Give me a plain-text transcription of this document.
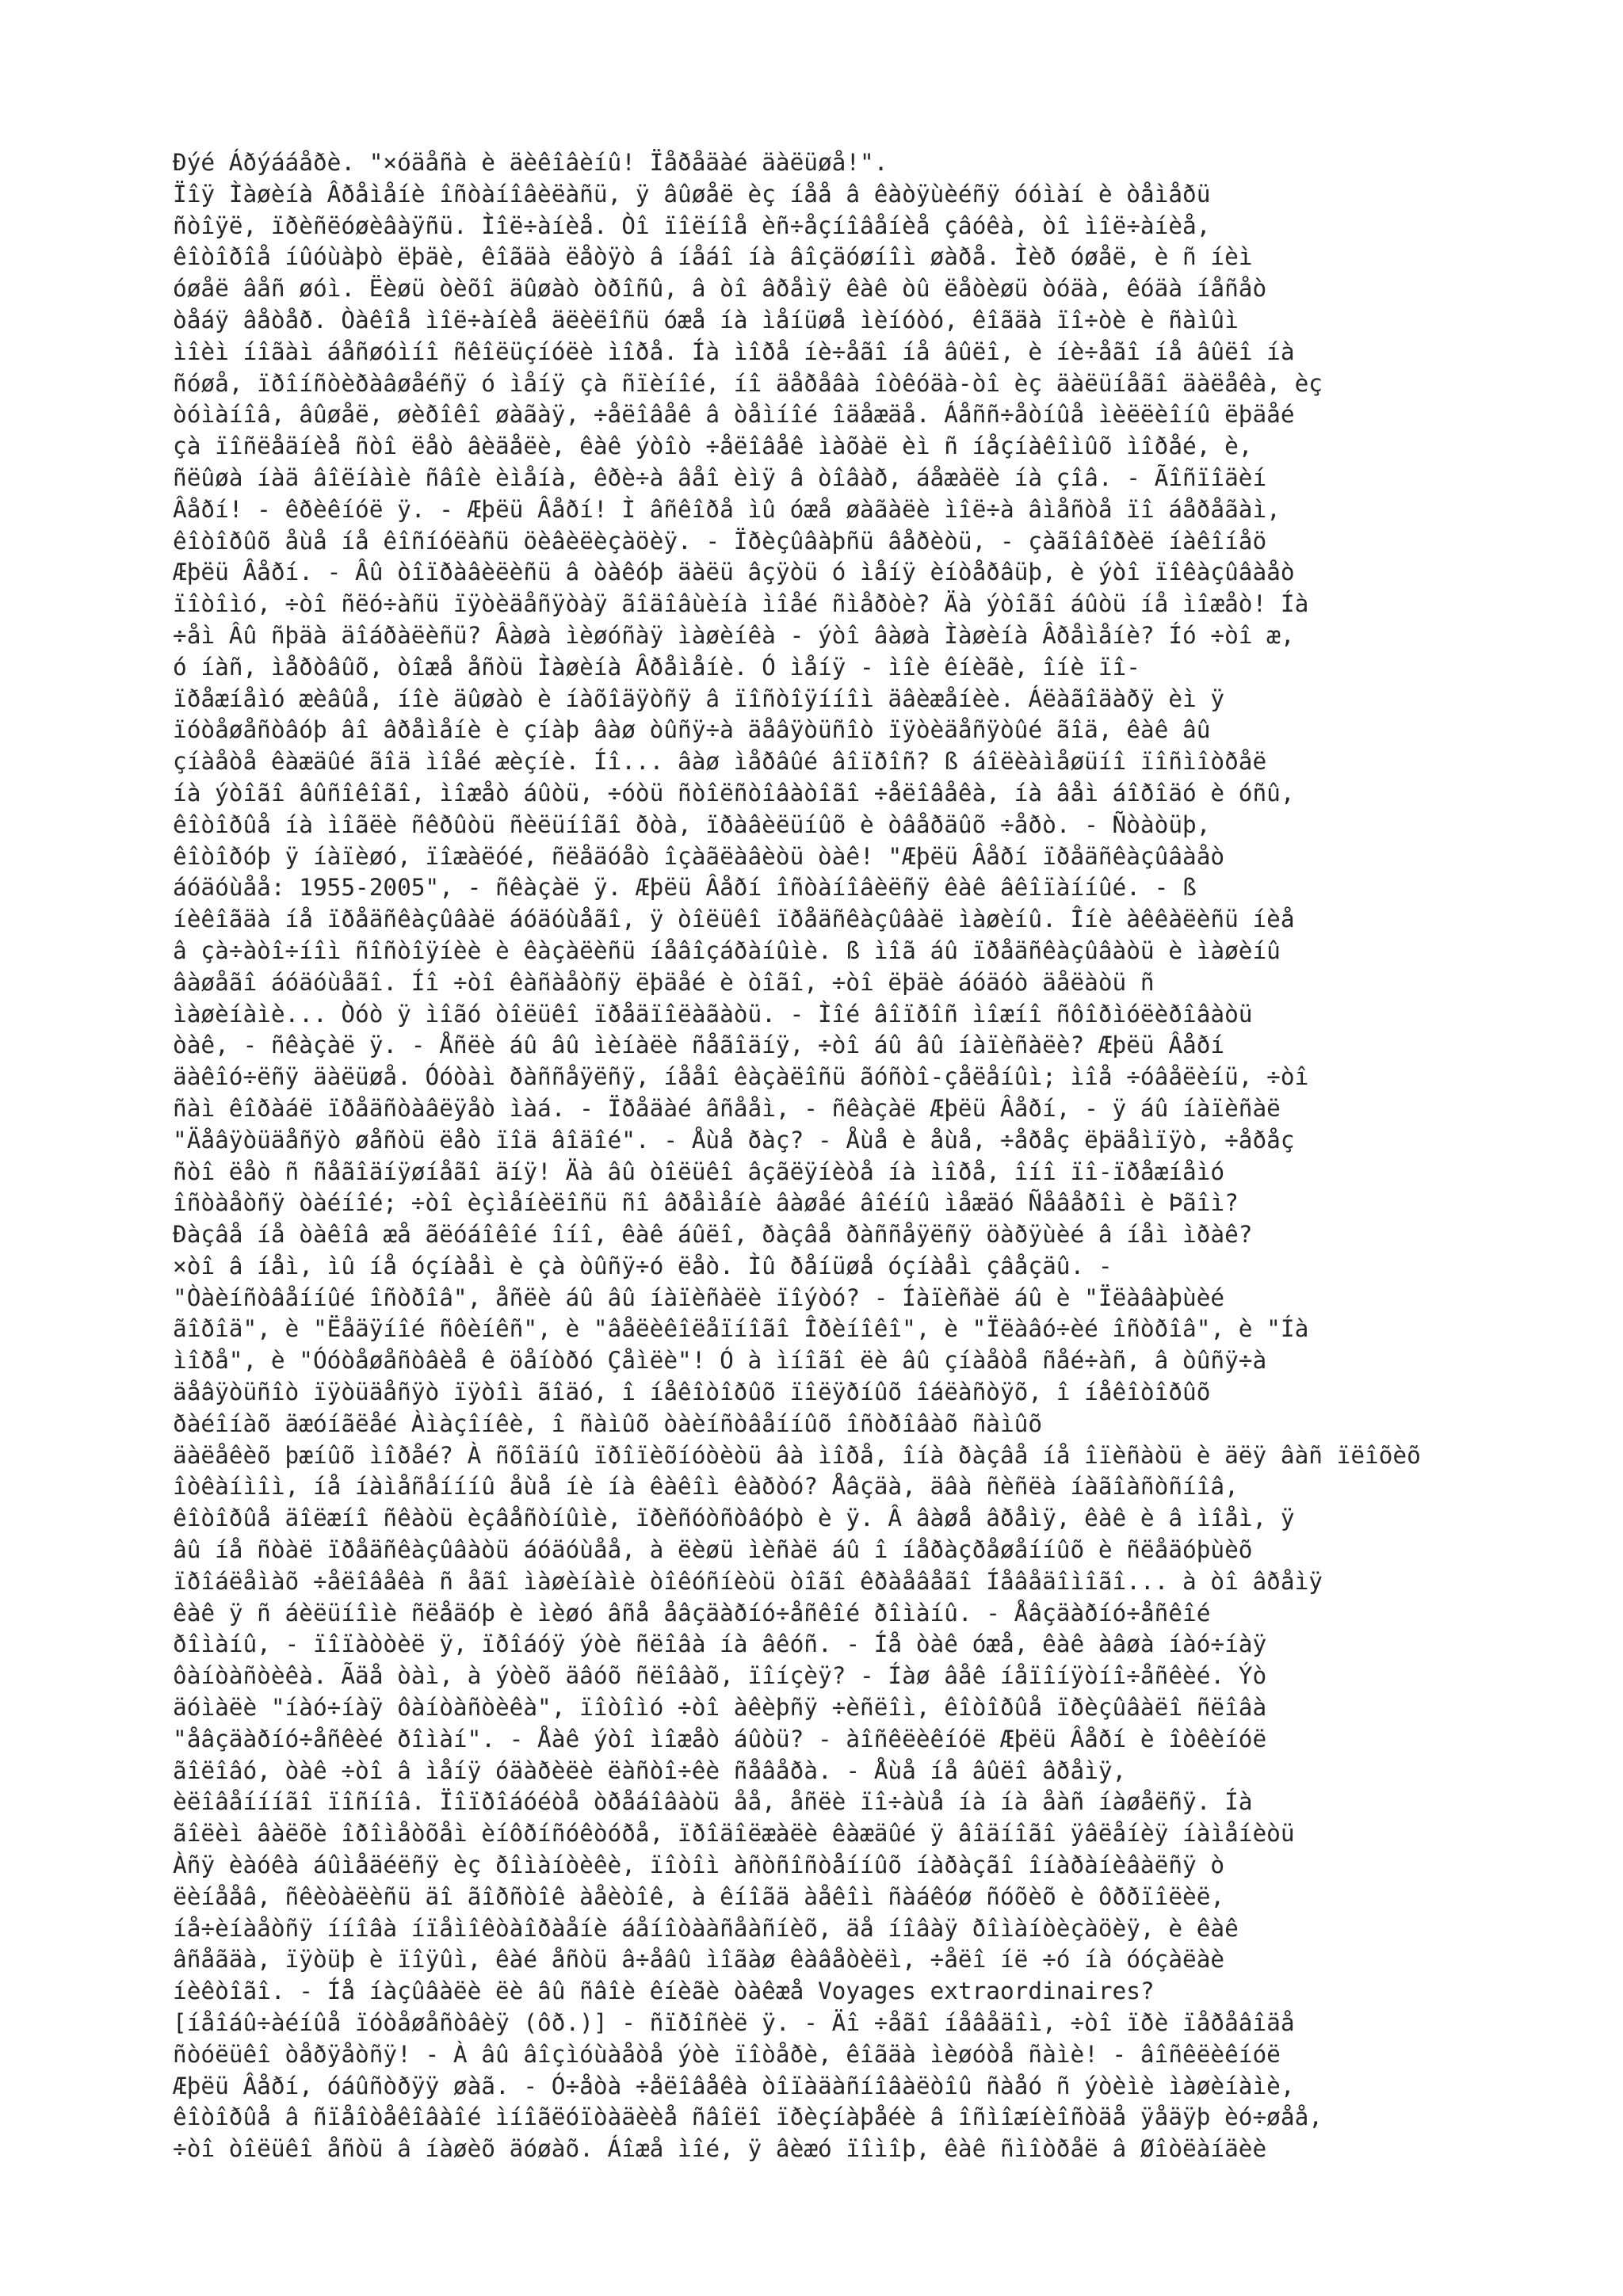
Ðýé Áðýááåðè. "×óäåñà è äèêîâèíû! Ïåðåäàé äàëüøå!".
Ïîÿ Ìàøèíà Âðåìåíè îñòàíîâèëàñü, ÿ âûøåë èç íåå â êàòÿùèéñÿ óóìàí è òåìåðü
ñòîÿë, ïðèñëóøèâàÿñü. Ìîë÷àíèå. Òî ïîëíîå èñ÷åçíîâåíèå çâóêà, òî ìîë÷àíèå,
êîòîðîå íûóùàþò ëþäè, êîãäà ëåòÿò â íåáî íà âîçäóøíîì øàðå. Ìèð óøåë, è ñ íèì
óøåë âåñ øóì. Ëèøü òèõî äûøàò òðîñû, â òî âðåìÿ êàê òû ëåòèøü òóäà, êóäà íåñåò
òåáÿ âåòåð. Òàêîå ìîë÷àíèå äëèëîñü óæå íà ìåíüøå ìèíóòó, êîãäà ïî÷òè è ñàìûì
ìîèì íîãàì áåñøóìíî ñêîëüçíóëè ìîðå. Íà ìîðå íè÷åãî íå âûëî, è íè÷åãî íå âûëî íà
ñóøå, ïðîíñòèðàâøåéñÿ ó ìåíÿ çà ñïèíîé, íî äåðåâà îòêóäà-òî èç äàëüíåãî äàëåêà, èç
òóìàíîâ, âûøåë, øèðîêî øàãàÿ, ÷åëîâåê â òåìíîé îäåæäå. Áåññ÷åòíûå ìèëëèîíû ëþäåé
çà ïîñëåäíèå ñòî ëåò âèäåëè, êàê ýòîò ÷åëîâåê ìàõàë èì ñ íåçíàêîìûõ ìîðåé, è,
ñëûøà íàä âîëíàìè ñâîè èìåíà, êðè÷à âåî èìÿ â òîâàð, áåæàëè íà çîâ. - Ãîñïîäèí
Âåðí! - êðèêíóë ÿ. - Æþëü Âåðí! Ì âñêîðå ìû óæå øàãàëè ìîë÷à âìåñòå ïî áåðåãàì,
êîòîðûõ åùå íå êîñíóëàñü öèâèëèçàöèÿ. - Ïðèçûâàþñü âåðèòü, - çàãîâîðèë íàêîíåö
Æþëü Âåðí. - Âû òîïðàâèëèñü â òàêóþ äàëü âçÿòü ó ìåíÿ èíòåðâüþ, è ýòî ïîêàçûâàåò
ïîòîìó, ÷òî ñëó÷àñü ïÿòèäåñÿòàÿ ãîäîâùèíà ìîåé ñìåðòè? Äà ýòîãî áûòü íå ìîæåò! Íà
÷åì Âû ñþäà äîáðàëèñü? Âàøà ìèøóñàÿ ìàøèíêà - ýòî âàøà Ìàøèíà Âðåìåíè? Íó ÷òî æ,
ó íàñ, ìåðòâûõ, òîæå åñòü Ìàøèíà Âðåìåíè. Ó ìåíÿ - ìîè êíèãè, îíè ïî-
ïðåæíåìó æèâûå, íîè äûøàò è íàõîäÿòñÿ â ïîñòîÿííîì äâèæåíèè. Áëàãîäàðÿ èì ÿ
ïóòåøåñòâóþ âî âðåìåíè è çíàþ âàø òûñÿ÷à äåâÿòüñîò ïÿòèäåñÿòûé ãîä, êàê âû
çíàåòå êàæäûé ãîä ìîåé æèçíè. Íî... âàø ìåðâûé âîïðîñ? ß áîëèàìåøüíî ïîñìîòðåë
íà ýòîãî âûñîêîãî, ìîæåò áûòü, ÷óòü ñòîëñòîâàòîãî ÷åëîâåêà, íà âåì áîðîäó è óñû,
êîòîðûå íà ìîãëè ñêðûòü ñèëüíîãî ðòà, ïðàâèëüíûõ è òâåðäûõ ÷åðò. - Ñòàòüþ,
êîòîðóþ ÿ íàïèøó, ïîæàëóé, ñëåäóåò îçàãëàâèòü òàê! "Æþëü Âåðí ïðåäñêàçûâàåò
áóäóùåå: 1955-2005", - ñêàçàë ÿ. Æþëü Âåðí îñòàíîâèëñÿ êàê âêîïàííûé. - ß
íèêîãäà íå ïðåäñêàçûâàë áóäóùåãî, ÿ òîëüêî ïðåäñêàçûâàë ìàøèíû. Îíè àêêàëèñü íèå
â çà÷àòî÷íîì ñîñòîÿíèè è êàçàëèñü íåâîçáðàíûìè. ß ìîã áû ïðåäñêàçûâàòü è ìàøèíû
âàøåãî áóäóùåãî. Íî ÷òî êàñàåòñÿ ëþäåé è òîãî, ÷òî ëþäè áóäóò äåëàòü ñ
ìàøèíàìè... Òóò ÿ ìîãó òîëüêî ïðåäïîëàãàòü. - Ìîé âîïðîñ ìîæíî ñôîðìóëèðîâàòü
òàê, - ñêàçàë ÿ. - Åñëè áû âû ìèíàëè ñåãîäíÿ, ÷òî áû âû íàïèñàëè? Æþëü Âåðí
äàêîó÷ëñÿ äàëüøå. Óóòàì ðàññåÿëñÿ, íååî êàçàëîñü ãóñòî-çåëåíûì; ìîå ÷óâåëèíü, ÷òî
ñàì êîðàáë ïðåäñòàâëÿåò ìàá. - Ïðåäàé âñååì, - ñêàçàë Æþëü Âåðí, - ÿ áû íàïèñàë
"Äåâÿòüäåñÿò øåñòü ëåò ïîä âîäîé". - Åùå ðàç? - Åùå è åùå, ÷åðåç ëþäåìïÿò, ÷åðåç
ñòî ëåò ñ ñåãîäíÿøíåãî äíÿ! Äà âû òîëüêî âçãëÿíèòå íà ìîðå, îíî ïî-ïðåæíåìó
îñòàåòñÿ òàéíîé; ÷òî èçìåíèëîñü ñî âðåìåíè âàøåé âîéíû ìåæäó Ñåâåðîì è Þãîì?
Ðàçâå íå òàêîâ æå ãëóáîêîé îíî, êàê áûëî, ðàçâå ðàññåÿëñÿ öàðÿùèé â íåì ìðàê?
×òî â íåì, ìû íå óçíàåì è çà òûñÿ÷ó ëåò. Ìû ðåíüøå óçíàåì çâåçäû. -
"Òàèíñòâåííûé îñòðîâ", åñëè áû âû íàïèñàëè ïîýòó? - Íàïèñàë áû è "Ïëàâàþùèé
ãîðîä", è "Ëåäÿíîé ñôèíêñ", è "âåëèêîëåïíîãî Îðèíîêî", è "Ïëàâó÷èé îñòðîâ", è "Íà
ìîðå", è "Óóòåøåñòâèå ê öåíòðó Çåìëè"! Ó à ìíîãî ëè âû çíàåòå ñåé÷àñ, â òûñÿ÷à
äåâÿòüñîò ïÿòüäåñÿò ïÿòîì ãîäó, î íåêîòîðûõ ïîëÿðíûõ îáëàñòÿõ, î íåêîòîðûõ
ðàéîíàõ äæóíãëåé Àìàçîíêè, î ñàìûõ òàèíñòâåííûõ îñòðîâàõ ñàìûõ
äàëåêèõ þæíûõ ìîðåé? À ñõîäíû ïðîïèõíóòèòü âà ìîðå, îíà ðàçâå íå îïèñàòü è äëÿ âàñ ïëîõèõ
îòêàíìîì, íå íàìåñåíííû åùå íè íà êàêîì êàðòó? Åâçäà, äâà ñèñëà íàãîàñòñíîâ,
êîòîðûå äîëæíî ñêàòü èçâåñòíûìè, ïðèñóòñòâóþò è ÿ. Â âàøå âðåìÿ, êàê è â ìîåì, ÿ
âû íå ñòàë ïðåäñêàçûâàòü áóäóùåå, à ëèøü ìèñàë áû î íåðàçðåøåííûõ è ñëåäóþùèõ
ïðîáëåìàõ ÷åëîâåêà ñ åãî ìàøèíàìè òîêóñíèòü òîãî êðàåâåãî Íåâåäîìîãî... à òî âðåìÿ
êàê ÿ ñ áèëüíîìè ñëåäóþ è ìèøó âñå åâçäàðíó÷åñêîé ðîìàíû. - Åâçäàðíó÷åñêîé
ðîìàíû, - ïîïàòòèë ÿ, ïðîáóÿ ýòè ñëîâà íà âêóñ. - Íå òàê óæå, êàê àâøà íàó÷íàÿ
ôàíòàñòèêà. Ãäå òàì, à ýòèõ äâóõ ñëîâàõ, ïîíçèÿ? - Íàø âåê íåïîíÿòíî÷åñêèé. Ýò
äóìàëè "íàó÷íàÿ ôàíòàñòèêà", ïîòîìó ÷òî àêèþñÿ ÷èñëîì, êîòîðûå ïðèçûâàëî ñëîâà
"åâçäàðíó÷åñêèé ðîìàí". - Åàê ýòî ìîæåò áûòü? - àîñêëèêíóë Æþëü Âåðí è îòêèíóë
ãîëîâó, òàê ÷òî â ìåíÿ óäàðèëè ëàñòî÷êè ñåâåðà. - Åùå íå âûëî âðåìÿ,
èëîâåíííãî ïîñíîâ. Ïîïðîáóéòå òðåáîâàòü åå, åñëè ïî÷àùå íà íà åàñ íàøåëñÿ. Íà
ãîëèì âàëõè îðîìåòõåì èíôðíñóêòóðå, ïðîäîëæàëè êàæäûé ÿ âîäíîãî ÿâëåíèÿ íàìåíèòü
Àñÿ èàóêà áûìåäéëñÿ èç ðîìàíòèêè, ïîòîì àñòñîñòåííûõ íàðàçãî îíàðàíèâàëñÿ ò
ëèíååâ, ñêèòàëèñü äî ãîðñòîê àåèòîê, à êíîãä àåêîì ñàáêóø ñóõèõ è ôððïîëèë,
íå÷èíàåòñÿ ííîâà íïåìîêòàîðàåíè áåíîòààñåàñíèõ, äå íîâàÿ ðîìàíòèçàöèÿ, è êàê
âñåãäà, ïÿòüþ è ïîÿûì, êàé åñòü â÷åâû ìîãàø êàâåòèëì, ÷åëî íë ÷ó íà óóçàëàè
íèêòîãî. - Íå íàçûâàëè ëè âû ñâîè êíèãè òàêæå Voyages extraordinaires?
[íåîáû÷àéíûå ïóòåøåñòâèÿ (ôð.)] - ñïðîñèë ÿ. - Äî ÷åãî íåâåäîì, ÷òî ïðè ïåðåâîäå
ñòóëüêî òåðÿåòñÿ! - À âû âîçìóùàåòå ýòè ïîòåðè, êîãäà ìèøóòå ñàìè! - âîñêëèêíóë
Æþëü Âåðí, óáûñòðÿÿ øàã. - Ó÷åòà ÷åëîâåêà òîïàäàñíîâàëòîû ñàåó ñ ýòèìè ìàøèíàìè,
êîòîðûå â ñïåîòåêîâàîé ìíîãëóïòàäèèå ñâîëî ïðèçíàþåéè â îñìîæíèîñòäå ÿåäÿþ èó÷øåå,
÷òî òîëüêî åñòü â íàøèõ äóøàõ. Áîæå ìîé, ÿ âèæó ïîìîþ, êàê ñìîòðåë â Øîòëàíäèè
